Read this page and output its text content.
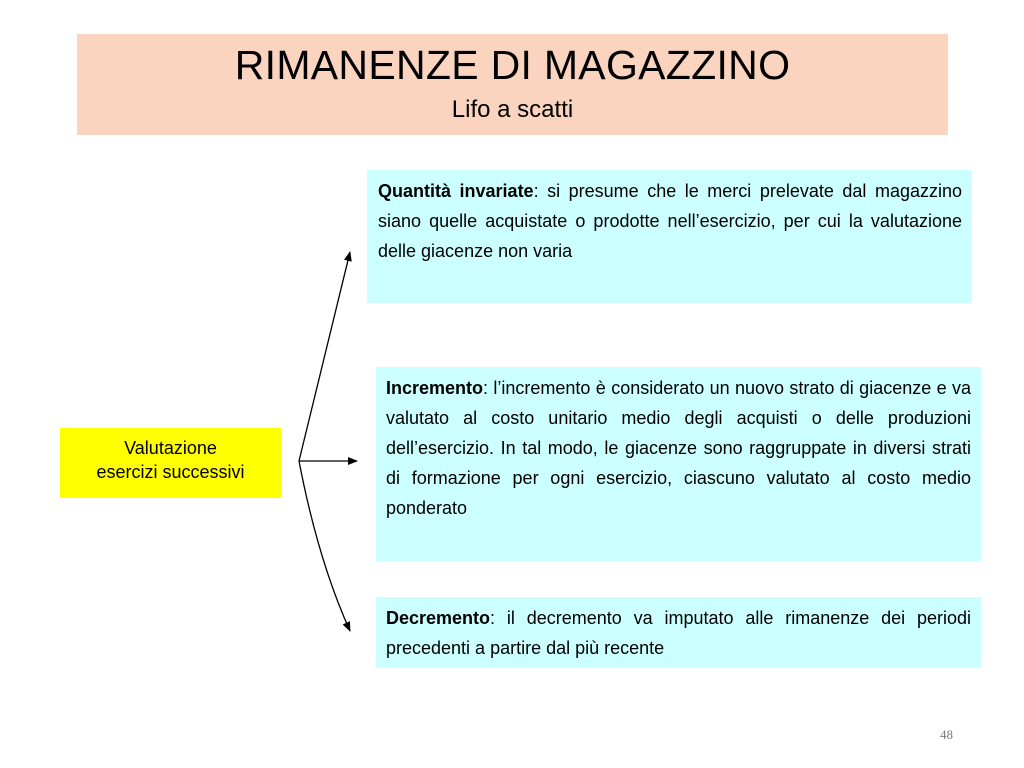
RIMANENZE DI MAGAZZINO
Lifo a scatti
Valutazione
esercizi successivi
Quantità invariate: si presume che le merci prelevate dal magazzino siano quelle acquistate o prodotte nell’esercizio, per cui la valutazione delle giacenze non varia
Incremento: l’incremento è considerato un nuovo strato di giacenze e va valutato al costo unitario medio degli acquisti o delle produzioni dell’esercizio. In tal modo, le giacenze sono raggruppate in diversi strati di formazione per ogni esercizio, ciascuno valutato al costo medio ponderato
Decremento: il decremento va imputato alle rimanenze dei periodi precedenti a partire dal più recente
48
